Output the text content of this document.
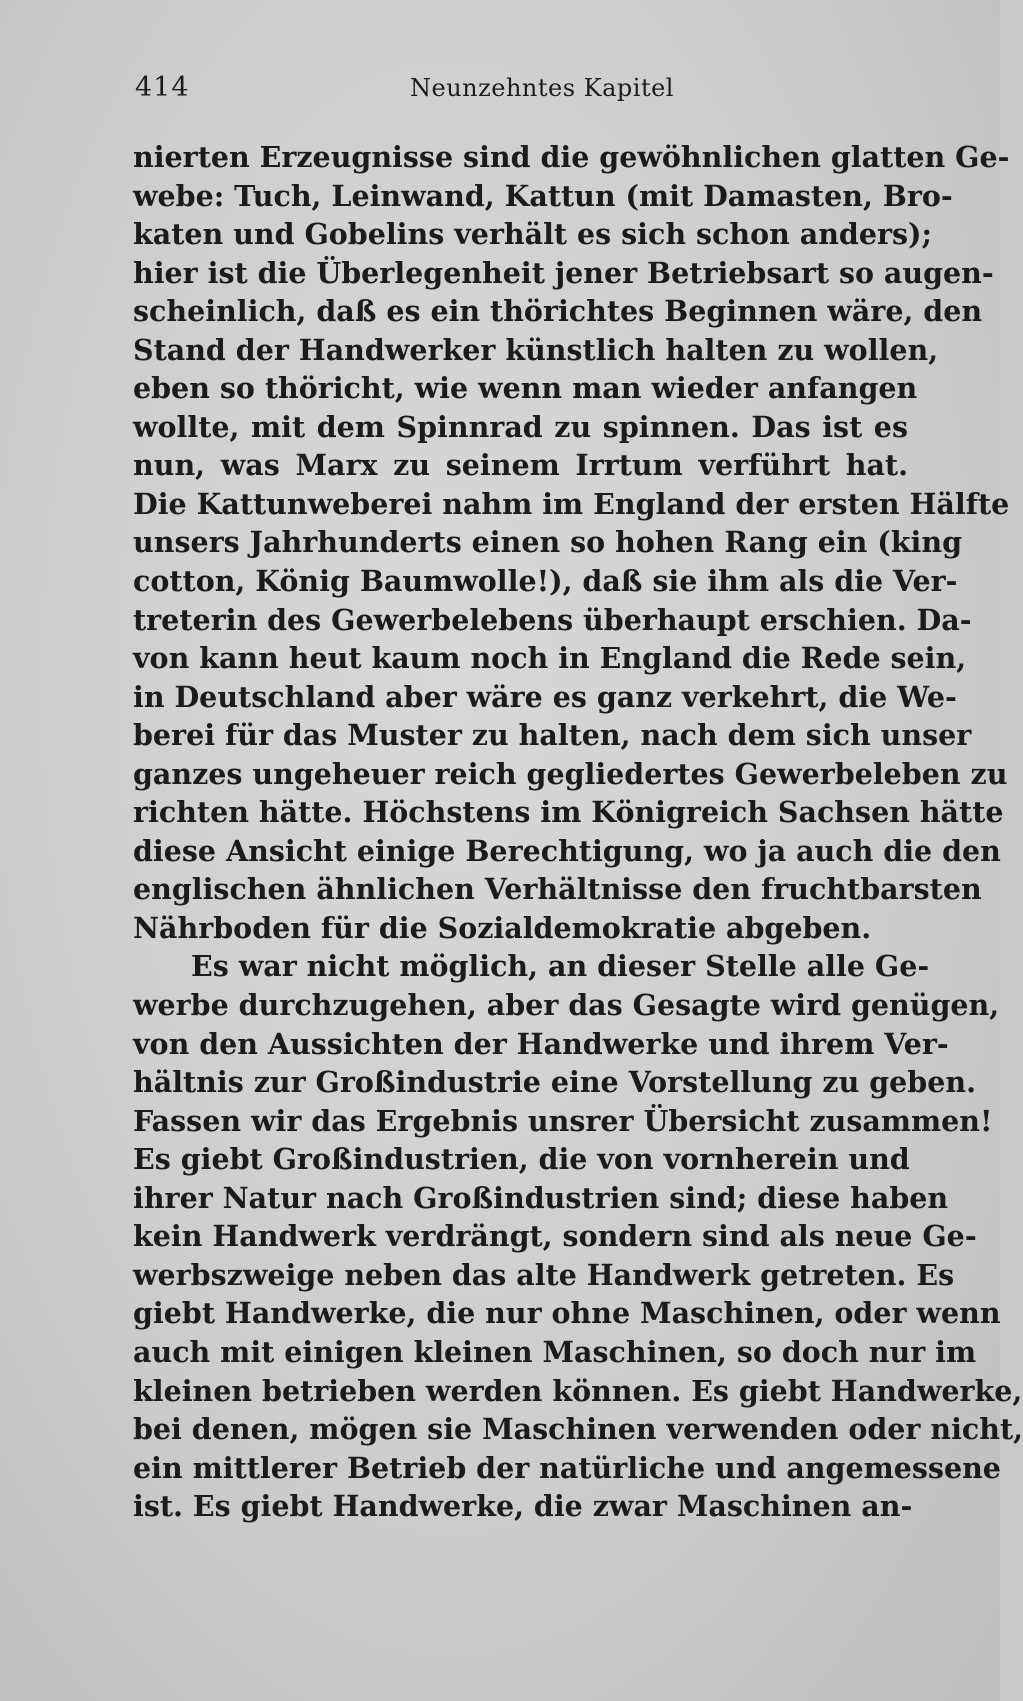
414	Neunzehntes Kapitel
nierten Erzeugnisse sind die gewöhnlichen glatten Ge-
webe: Tuch, Leinwand, Kattun (mit Damasten, Bro-
katen und Gobelins verhält es sich schon anders);
hier ist die Überlegenheit jener Betriebsart so augen-
scheinlich, daß es ein thörichtes Beginnen wäre, den
Stand der Handwerker künstlich halten zu wollen,
eben so thöricht, wie wenn man wieder anfangen
wollte, mit dem Spinnrad zu spinnen. Das ist es
nun, was Marx zu seinem Irrtum verführt hat.
Die Kattunweberei nahm im England der ersten Hälfte
unsers Jahrhunderts einen so hohen Rang ein (king
cotton, König Baumwolle!), daß sie ihm als die Ver-
treterin des Gewerbelebens überhaupt erschien. Da-
von kann heut kaum noch in England die Rede sein,
in Deutschland aber wäre es ganz verkehrt, die We-
berei für das Muster zu halten, nach dem sich unser
ganzes ungeheuer reich gegliedertes Gewerbeleben zu
richten hätte. Höchstens im Königreich Sachsen hätte
diese Ansicht einige Berechtigung, wo ja auch die den
englischen ähnlichen Verhältnisse den fruchtbarsten
Nährboden für die Sozialdemokratie abgeben.
Es war nicht möglich, an dieser Stelle alle Ge-
werbe durchzugehen, aber das Gesagte wird genügen,
von den Aussichten der Handwerke und ihrem Ver-
hältnis zur Großindustrie eine Vorstellung zu geben.
Fassen wir das Ergebnis unsrer Übersicht zusammen!
Es giebt Großindustrien, die von vornherein und
ihrer Natur nach Großindustrien sind; diese haben
kein Handwerk verdrängt, sondern sind als neue Ge-
werbszweige neben das alte Handwerk getreten. Es
giebt Handwerke, die nur ohne Maschinen, oder wenn
auch mit einigen kleinen Maschinen, so doch nur im
kleinen betrieben werden können. Es giebt Handwerke,
bei denen, mögen sie Maschinen verwenden oder nicht,
ein mittlerer Betrieb der natürliche und angemessene
ist. Es giebt Handwerke, die zwar Maschinen an-
